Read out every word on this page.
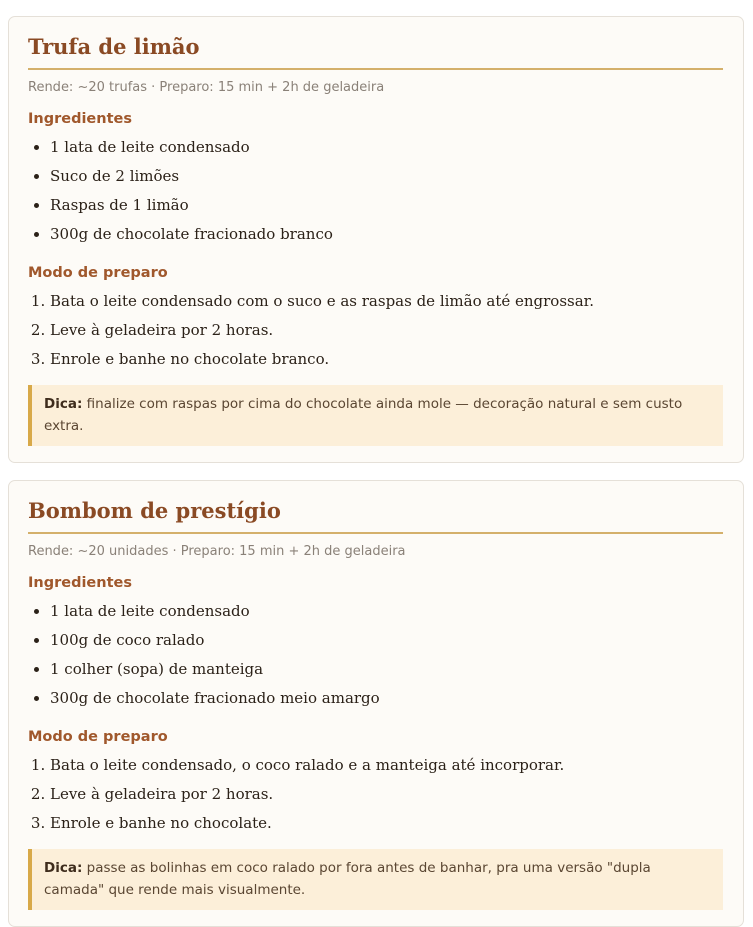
Trufa de limão
Rende: ~20 trufas · Preparo: 15 min + 2h de geladeira
Ingredientes
• 1 lata de leite condensado
• Suco de 2 limões
• Raspas de 1 limão
• 300g de chocolate fracionado branco
Modo de preparo
1. Bata o leite condensado com o suco e as raspas de limão até engrossar.
2. Leve à geladeira por 2 horas.
3. Enrole e banhe no chocolate branco.
Dica: finalize com raspas por cima do chocolate ainda mole — decoração natural e sem custo extra.
Bombom de prestígio
Rende: ~20 unidades · Preparo: 15 min + 2h de geladeira
Ingredientes
• 1 lata de leite condensado
• 100g de coco ralado
• 1 colher (sopa) de manteiga
• 300g de chocolate fracionado meio amargo
Modo de preparo
1. Bata o leite condensado, o coco ralado e a manteiga até incorporar.
2. Leve à geladeira por 2 horas.
3. Enrole e banhe no chocolate.
Dica: passe as bolinhas em coco ralado por fora antes de banhar, pra uma versão "dupla camada" que rende mais visualmente.
